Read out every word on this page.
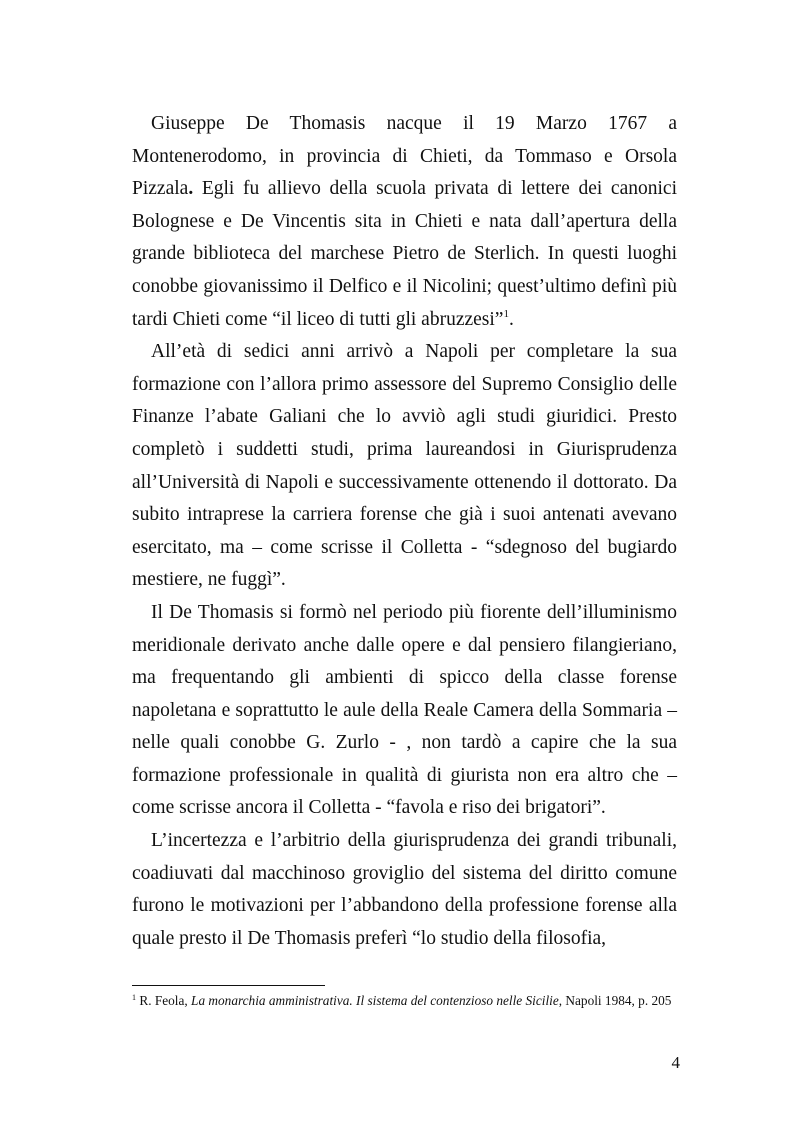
Giuseppe De Thomasis nacque il 19 Marzo 1767 a Montenerodomo, in provincia di Chieti, da Tommaso e Orsola Pizzala. Egli fu allievo della scuola privata di lettere dei canonici Bolognese e De Vincentis sita in Chieti e nata dall’apertura della grande biblioteca del marchese Pietro de Sterlich. In questi luoghi conobbe giovanissimo il Delfico e il Nicolini; quest’ultimo definì più tardi Chieti come “il liceo di tutti gli abruzzesi”$^1$.

All’età di sedici anni arrivò a Napoli per completare la sua formazione con l’allora primo assessore del Supremo Consiglio delle Finanze l’abate Galiani che lo avviò agli studi giuridici. Presto completò i suddetti studi, prima laureandosi in Giurisprudenza all’Università di Napoli e successivamente ottenendo il dottorato. Da subito intraprese la carriera forense che già i suoi antenati avevano esercitato, ma – come scrisse il Colletta - “sdegnoso del bugiardo mestiere, ne fuggì”.

Il De Thomasis si formò nel periodo più fiorente dell’illuminismo meridionale derivato anche dalle opere e dal pensiero filangieriano, ma frequentando gli ambienti di spicco della classe forense napoletana e soprattutto le aule della Reale Camera della Sommaria – nelle quali conobbe G. Zurlo - , non tardò a capire che la sua formazione professionale in qualità di giurista non era altro che – come scrisse ancora il Colletta - “favola e riso dei brigatori”.

L’incertezza e l’arbitrio della giurisprudenza dei grandi tribunali, coadiuvati dal macchinoso groviglio del sistema del diritto comune furono le motivazioni per l’abbandono della professione forense alla quale presto il De Thomasis preferì “lo studio della filosofia,

$^1$ R. Feola, La monarchia amministrativa. Il sistema del contenzioso nelle Sicilie, Napoli 1984, p. 205
4
